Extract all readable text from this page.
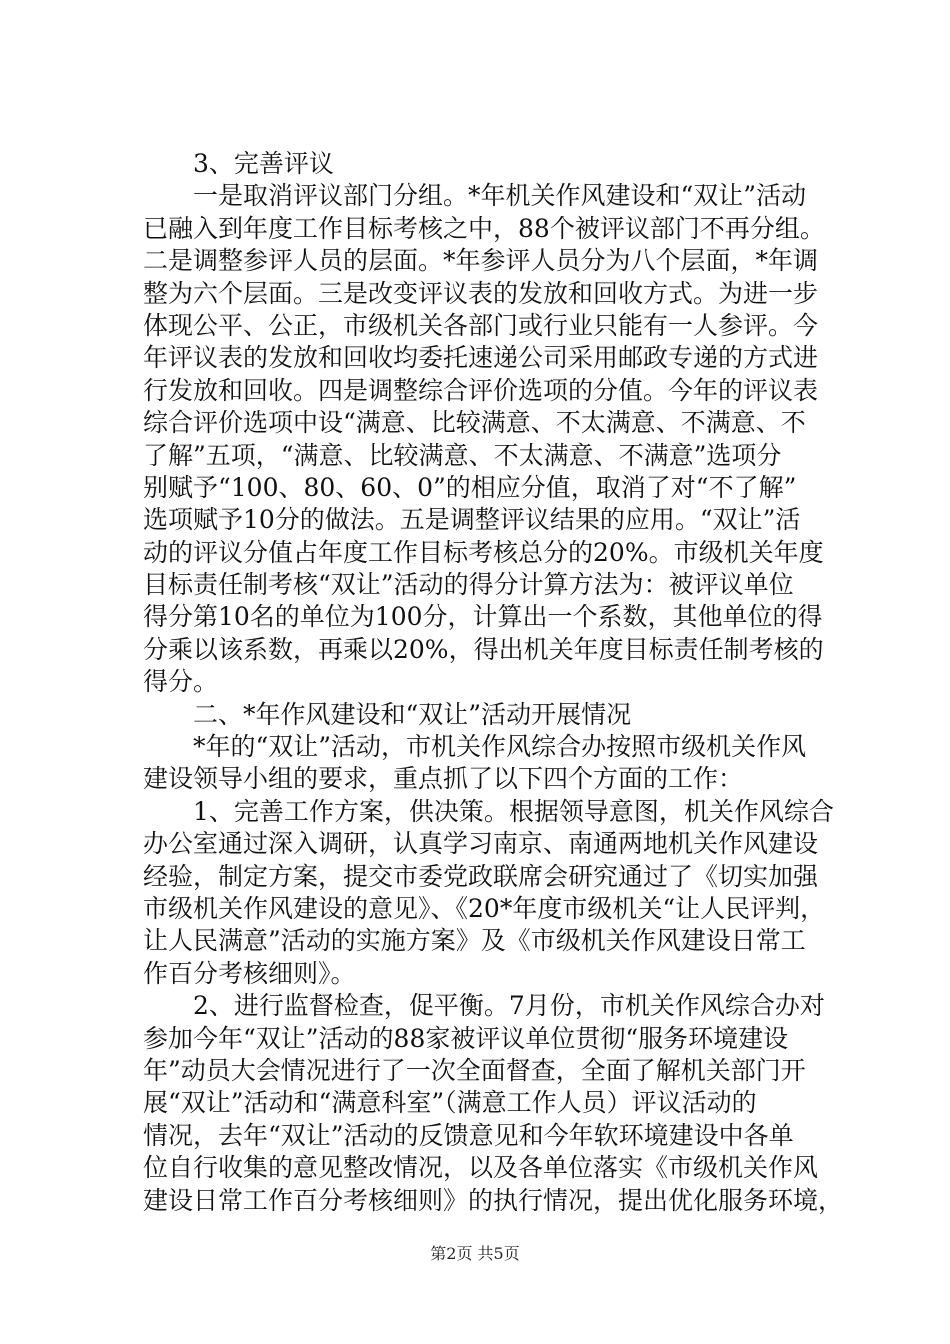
3、完善评议
一是取消评议部门分组。*年机关作风建设和“双让”活动
已融入到年度工作目标考核之中，88个被评议部门不再分组。
二是调整参评人员的层面。*年参评人员分为八个层面，*年调
整为六个层面。三是改变评议表的发放和回收方式。为进一步
体现公平、公正，市级机关各部门或行业只能有一人参评。今
年评议表的发放和回收均委托速递公司采用邮政专递的方式进
行发放和回收。四是调整综合评价选项的分值。今年的评议表
综合评价选项中设“满意、比较满意、不太满意、不满意、不
了解”五项，“满意、比较满意、不太满意、不满意”选项分
别赋予“100、80、60、0”的相应分值，取消了对“不了解”
选项赋予10分的做法。五是调整评议结果的应用。“双让”活
动的评议分值占年度工作目标考核总分的20%。市级机关年度
目标责任制考核“双让”活动的得分计算方法为：被评议单位
得分第10名的单位为100分，计算出一个系数，其他单位的得
分乘以该系数，再乘以20%，得出机关年度目标责任制考核的
得分。
二、*年作风建设和“双让”活动开展情况
*年的“双让”活动，市机关作风综合办按照市级机关作风
建设领导小组的要求，重点抓了以下四个方面的工作：
1、完善工作方案，供决策。根据领导意图，机关作风综合
办公室通过深入调研，认真学习南京、南通两地机关作风建设
经验，制定方案，提交市委党政联席会研究通过了《切实加强
市级机关作风建设的意见》、《20*年度市级机关“让人民评判，
让人民满意”活动的实施方案》及《市级机关作风建设日常工
作百分考核细则》。
2、进行监督检查，促平衡。7月份，市机关作风综合办对
参加今年“双让”活动的88家被评议单位贯彻“服务环境建设
年”动员大会情况进行了一次全面督查，全面了解机关部门开
展“双让”活动和“满意科室”（满意工作人员）评议活动的
情况，去年“双让”活动的反馈意见和今年软环境建设中各单
位自行收集的意见整改情况，以及各单位落实《市级机关作风
建设日常工作百分考核细则》的执行情况，提出优化服务环境，
第2页 共5页
